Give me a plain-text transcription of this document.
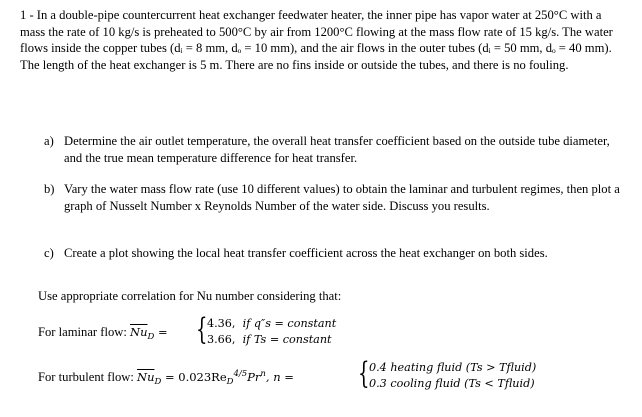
1 - In a double-pipe countercurrent heat exchanger feedwater heater, the inner pipe has vapor water at 250°C with a mass the rate of 10 kg/s is preheated to 500°C by air from 1200°C flowing at the mass flow rate of 15 kg/s. The water flows inside the copper tubes (dᵢ = 8 mm, dₒ = 10 mm), and the air flows in the outer tubes (dᵢ = 50 mm, dₒ = 40 mm). The length of the heat exchanger is 5 m. There are no fins inside or outside the tubes, and there is no fouling.

a) Determine the air outlet temperature, the overall heat transfer coefficient based on the outside tube diameter, and the true mean temperature difference for heat transfer.
b) Vary the water mass flow rate (use 10 different values) to obtain the laminar and turbulent regimes, then plot a graph of Nusselt Number x Reynolds Number of the water side. Discuss you results.
c) Create a plot showing the local heat transfer coefficient across the heat exchanger on both sides.
Use appropriate correlation for Nu number considering that:
For laminar flow: $\overline{Nu}_D$ = { 4.36, if q″s = constant
3.66, if Ts = constant
For turbulent flow: $\overline{Nu}_D = 0.023Re_D^{4/5}Pr^n$, n = { 0.4 heating fluid (Ts > Tfluid)
0.3 cooling fluid (Ts < Tfluid)
